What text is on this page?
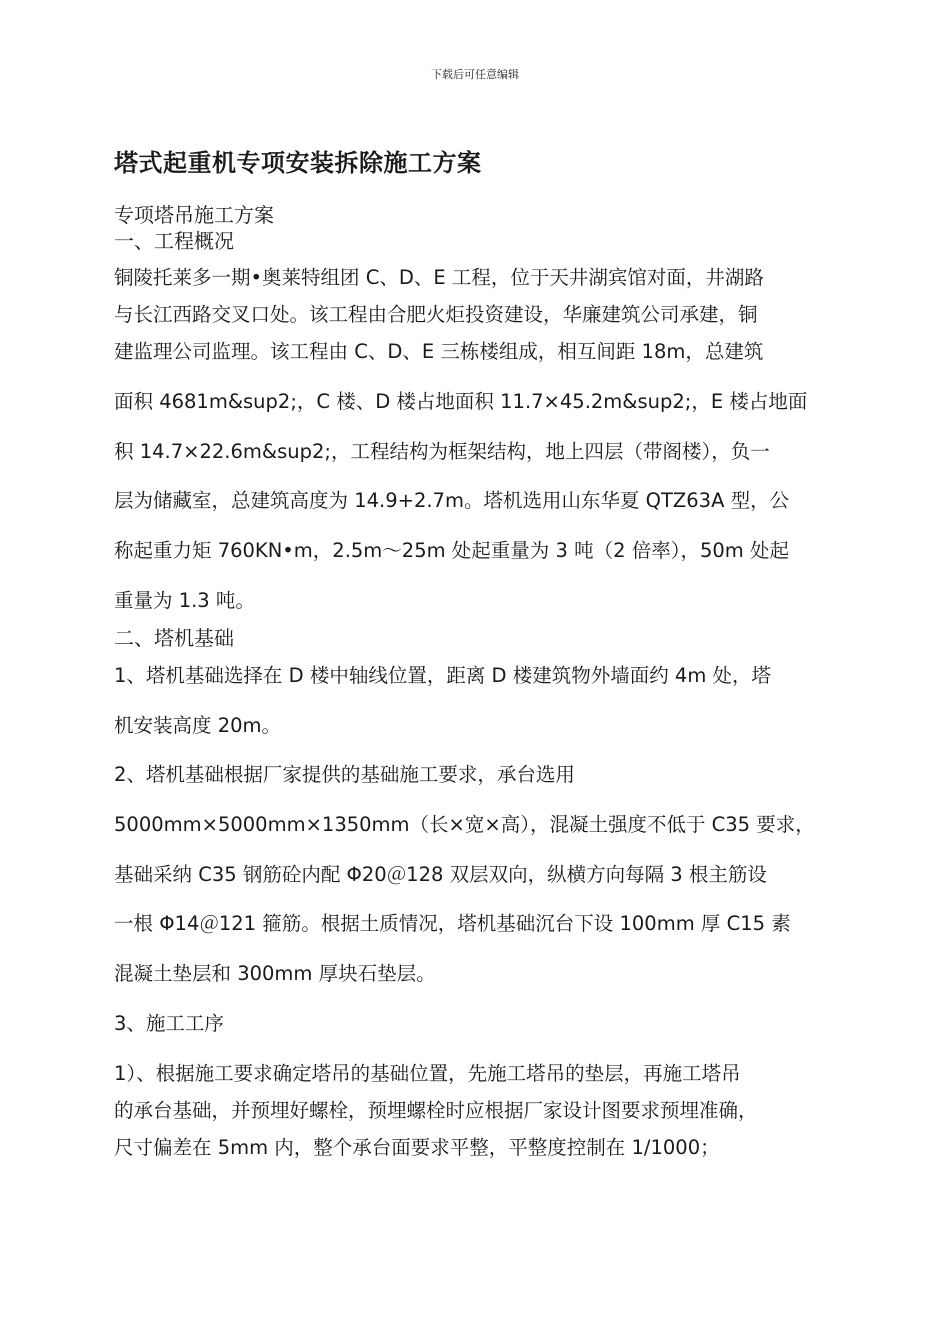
下载后可任意编辑
塔式起重机专项安装拆除施工方案
专项塔吊施工方案
一、工程概况
铜陵托莱多一期•奥莱特组团 C、D、E 工程，位于天井湖宾馆对面，井湖路
与长江西路交叉口处。该工程由合肥火炬投资建设，华廉建筑公司承建，铜
建监理公司监理。该工程由 C、D、E 三栋楼组成，相互间距 18m，总建筑
面积 4681m&sup2;，C 楼、D 楼占地面积 11.7×45.2m&sup2;，E 楼占地面
积 14.7×22.6m&sup2;，工程结构为框架结构，地上四层（带阁楼），负一
层为储藏室，总建筑高度为 14.9+2.7m。塔机选用山东华夏 QTZ63A 型，公
称起重力矩 760KN•m，2.5m～25m 处起重量为 3 吨（2 倍率），50m 处起
重量为 1.3 吨。
二、塔机基础
1、塔机基础选择在 D 楼中轴线位置，距离 D 楼建筑物外墙面约 4m 处，塔
机安装高度 20m。
2、塔机基础根据厂家提供的基础施工要求，承台选用
5000mm×5000mm×1350mm（长×宽×高），混凝土强度不低于 C35 要求，
基础采纳 C35 钢筋砼内配 Φ20＠128 双层双向，纵横方向每隔 3 根主筋设
一根 Φ14＠121 箍筋。根据土质情况，塔机基础沉台下设 100mm 厚 C15 素
混凝土垫层和 300mm 厚块石垫层。
3、施工工序
1）、根据施工要求确定塔吊的基础位置，先施工塔吊的垫层，再施工塔吊
的承台基础，并预埋好螺栓，预埋螺栓时应根据厂家设计图要求预埋准确，
尺寸偏差在 5mm 内，整个承台面要求平整，平整度控制在 1/1000；
